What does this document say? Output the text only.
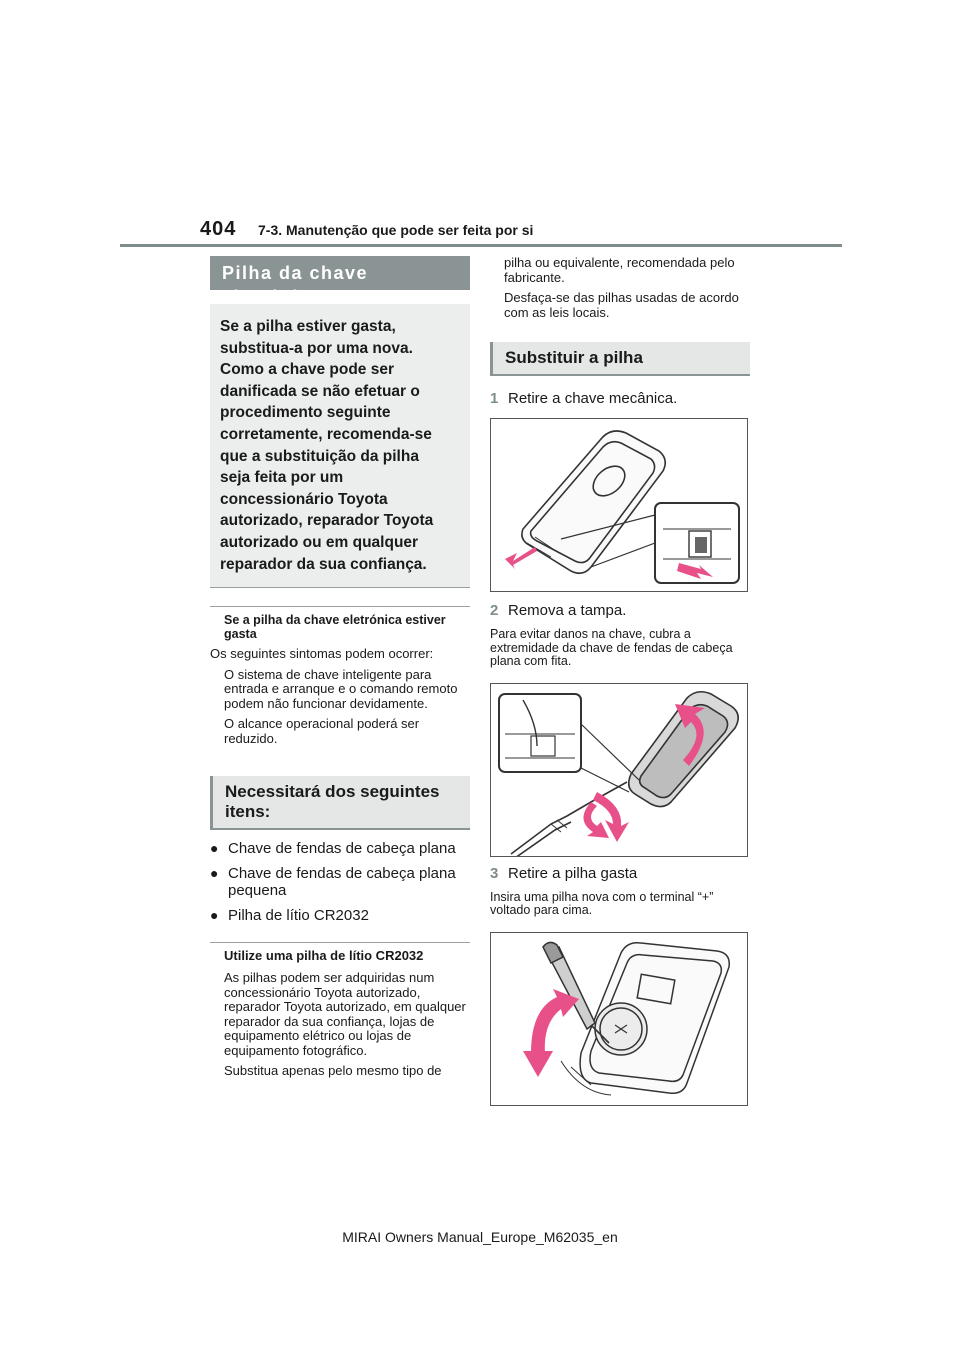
404 7-3. Manutenção que pode ser feita por si
Pilha da chave eletrónica
Se a pilha estiver gasta,
substitua-a por uma nova.
Como a chave pode ser
danificada se não efetuar o
procedimento seguinte
corretamente, recomenda-se
que a substituição da pilha
seja feita por um
concessionário Toyota
autorizado, reparador Toyota
autorizado ou em qualquer
reparador da sua confiança.
Se a pilha da chave eletrónica estiver gasta
Os seguintes sintomas podem ocorrer:
O sistema de chave inteligente para entrada e arranque e o comando remoto podem não funcionar devidamente.
O alcance operacional poderá ser reduzido.
Necessitará dos seguintes itens:
● Chave de fendas de cabeça plana
● Chave de fendas de cabeça plana pequena
● Pilha de lítio CR2032
Utilize uma pilha de lítio CR2032
As pilhas podem ser adquiridas num concessionário Toyota autorizado, reparador Toyota autorizado, em qualquer reparador da sua confiança, lojas de equipamento elétrico ou lojas de equipamento fotográfico.
Substitua apenas pelo mesmo tipo de
pilha ou equivalente, recomendada pelo fabricante.
Desfaça-se das pilhas usadas de acordo com as leis locais.
Substituir a pilha
1 Retire a chave mecânica.
2 Remova a tampa.
Para evitar danos na chave, cubra a extremidade da chave de fendas de cabeça plana com fita.
3 Retire a pilha gasta
Insira uma pilha nova com o terminal “+” voltado para cima.
MIRAI Owners Manual_Europe_M62035_en
